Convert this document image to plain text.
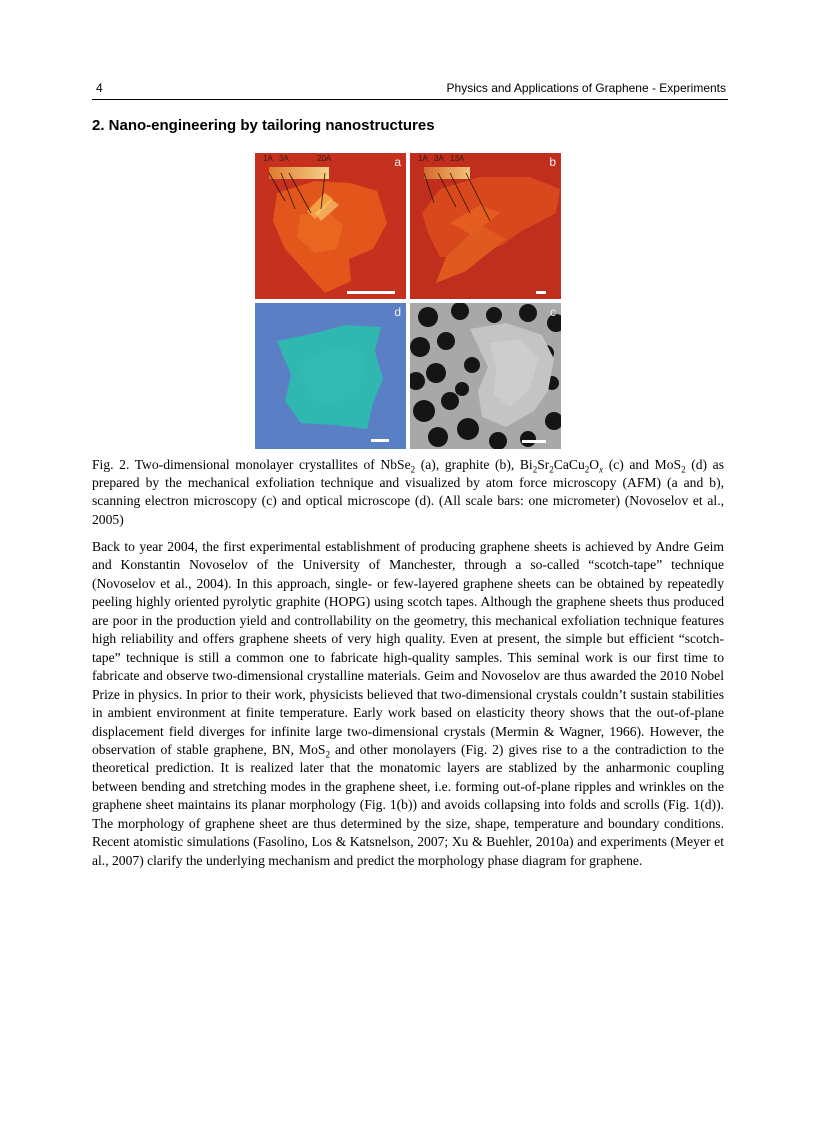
4	Physics and Applications of Graphene - Experiments
2. Nano-engineering by tailoring nanostructures
1A 3A	20A	a 1A 3A 13A	b
d	c

Fig. 2. Two-dimensional monolayer crystallites of NbSe$_2$ (a), graphite (b), $Bi_2Sr_2CaCu_2O_x$ (c) and MoS$_2$ (d) as prepared by the mechanical exfoliation technique and visualized by atom force microscopy (AFM) (a and b), scanning electron microscopy (c) and optical microscope (d). (All scale bars: one micrometer) (Novoselov et al., 2005)

Back to year 2004, the first experimental establishment of producing graphene sheets is achieved by Andre Geim and Konstantin Novoselov of the University of Manchester, through a so-called “scotch-tape” technique (Novoselov et al., 2004). In this approach, single- or few-layered graphene sheets can be obtained by repeatedly peeling highly oriented pyrolytic graphite (HOPG) using scotch tapes. Although the graphene sheets thus produced are poor in the production yield and controllability on the geometry, this mechanical exfoliation technique features high reliability and offers graphene sheets of very high quality. Even at present, the simple but efficient “scotch-tape” technique is still a common one to fabricate high-quality samples. This seminal work is our first time to fabricate and observe two-dimensional crystalline materials. Geim and Novoselov are thus awarded the 2010 Nobel Prize in physics. In prior to their work, physicists believed that two-dimensional crystals couldn’t sustain stabilities in ambient environment at finite temperature. Early work based on elasticity theory shows that the out-of-plane displacement field diverges for infinite large two-dimensional crystals (Mermin & Wagner, 1966). However, the observation of stable graphene, BN, MoS$_2$ and other monolayers (Fig. 2) gives rise to a the contradiction to the theoretical prediction. It is realized later that the monatomic layers are stablized by the anharmonic coupling between bending and stretching modes in the graphene sheet, i.e. forming out-of-plane ripples and wrinkles on the graphene sheet maintains its planar morphology (Fig. 1(b)) and avoids collapsing into folds and scrolls (Fig. 1(d)). The morphology of graphene sheet are thus determined by the size, shape, temperature and boundary conditions. Recent atomistic simulations (Fasolino, Los & Katsnelson, 2007; Xu & Buehler, 2010a) and experiments (Meyer et al., 2007) clarify the underlying mechanism and predict the morphology phase diagram for graphene.
